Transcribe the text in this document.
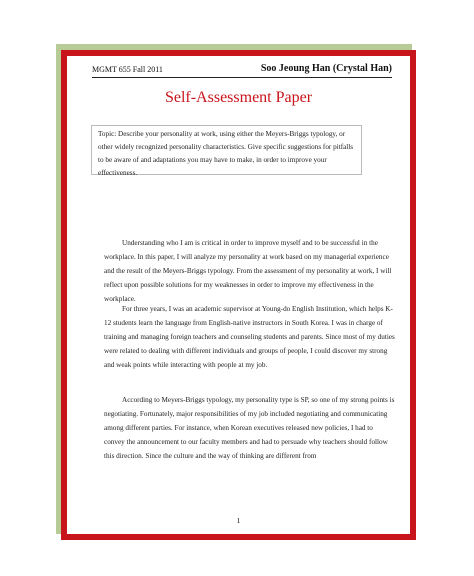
MGMT 655 Fall 2011	Soo Jeoung Han (Crystal Han)
Self-Assessment Paper
Topic: Describe your personality at work, using either the Meyers-Briggs typology, or other widely recognized personality characteristics. Give specific suggestions for pitfalls to be aware of and adaptations you may have to make, in order to improve your effectiveness.

Understanding who I am is critical in order to improve myself and to be successful in the workplace. In this paper, I will analyze my personality at work based on my managerial experience and the result of the Meyers-Briggs typology. From the assessment of my personality at work, I will reflect upon possible solutions for my weaknesses in order to improve my effectiveness in the workplace.

For three years, I was an academic supervisor at Young-do English Institution, which helps K-12 students learn the language from English-native instructors in South Korea. I was in charge of training and managing foreign teachers and counseling students and parents. Since most of my duties were related to dealing with different individuals and groups of people, I could discover my strong and weak points while interacting with people at my job.

According to Meyers-Briggs typology, my personality type is SP, so one of my strong points is negotiating. Fortunately, major responsibilities of my job included negotiating and communicating among different parties. For instance, when Korean executives released new policies, I had to convey the announcement to our faculty members and had to persuade why teachers should follow this direction. Since the culture and the way of thinking are different from

1
